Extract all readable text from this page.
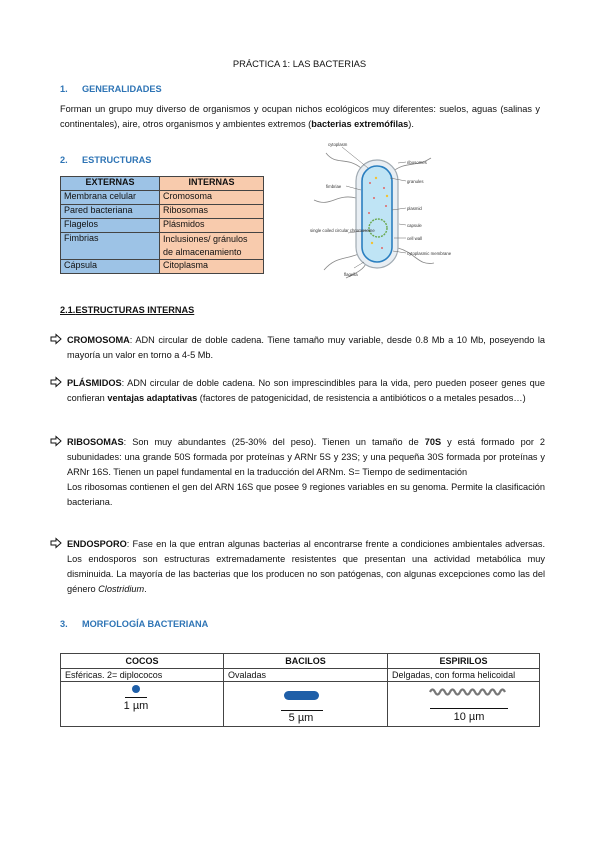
PRÁCTICA 1: LAS BACTERIAS
1. GENERALIDADES

Forman un grupo muy diverso de organismos y ocupan nichos ecológicos muy diferentes: suelos, aguas (salinas y continentales), aire, otros organismos y ambientes extremos (bacterias extremófilas).

2. ESTRUCTURAS
EXTERNAS	INTERNAS
Membrana celular	Cromosoma
Pared bacteriana	Ribosomas
Flagelos	Plásmidos
Fimbrias	Inclusiones/ gránulos de almacenamiento
Cápsula	Citoplasma
cytoplasm
ribosomes
granules
fimbriae
plasmid
capsule
single coiled circular chromosome
cell wall
cytoplasmic membrane
flagella
2.1.ESTRUCTURAS INTERNAS

CROMOSOMA: ADN circular de doble cadena. Tiene tamaño muy variable, desde 0.8 Mb a 10 Mb, poseyendo la mayoría un valor en torno a 4-5 Mb.

PLÁSMIDOS: ADN circular de doble cadena. No son imprescindibles para la vida, pero pueden poseer genes que confieran ventajas adaptativas (factores de patogenicidad, de resistencia a antibióticos o a metales pesados…)

RIBOSOMAS: Son muy abundantes (25-30% del peso). Tienen un tamaño de 70S y está formado por 2 subunidades: una grande 50S formada por proteínas y ARNr 5S y 23S; y una pequeña 30S formada por proteínas y ARNr 16S. Tienen un papel fundamental en la traducción del ARNm. S= Tiempo de sedimentación

Los ribosomas contienen el gen del ARN 16S que posee 9 regiones variables en su genoma. Permite la clasificación bacteriana.

ENDOSPORO: Fase en la que entran algunas bacterias al encontrarse frente a condiciones ambientales adversas. Los endosporos son estructuras extremadamente resistentes que presentan una actividad metabólica muy disminuida. La mayoría de las bacterias que los producen no son patógenas, con algunas excepciones como las del género Clostridium.

3. MORFOLOGÍA BACTERIANA
COCOS	BACILOS	ESPIRILOS
Esféricas. 2= diplococos	Ovaladas	Delgadas, con forma helicoidal

1 µm	5 µm	10 µm
